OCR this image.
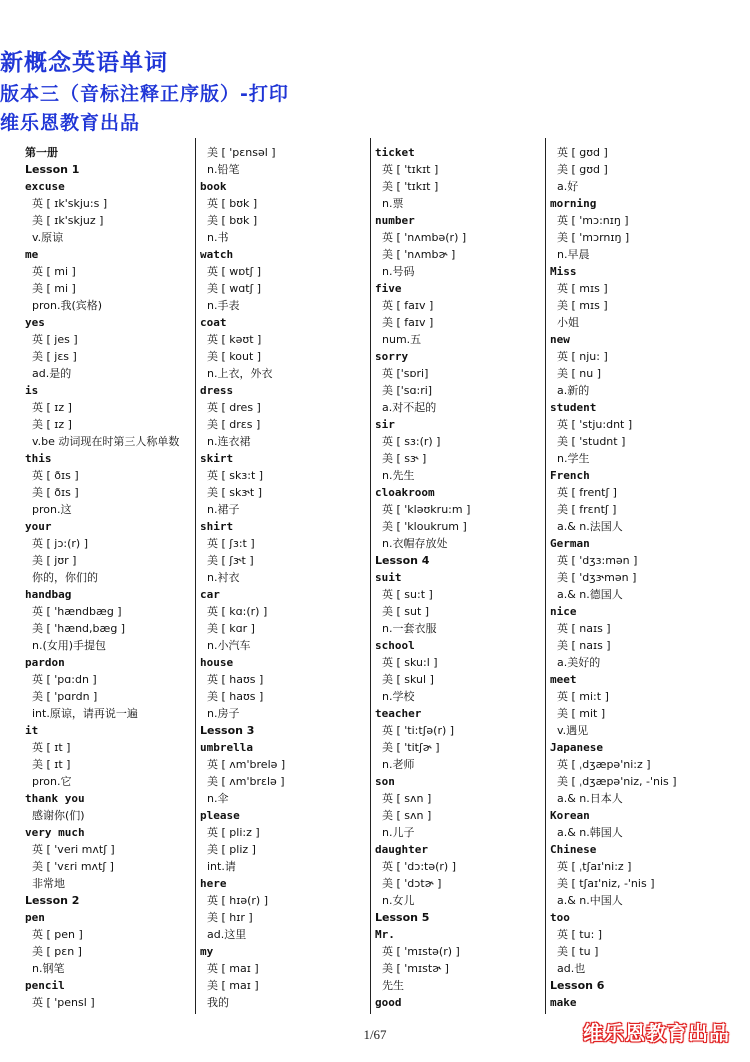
新概念英语单词
版本三（音标注释正序版）-打印
维乐恩教育出品
第一册
Lesson 1
excuse
英 [ ɪk'skju:s ]
美 [ ɪk'skjuz ]
v.原谅
me
英 [ mi ]
美 [ mi ]
pron.我(宾格)
yes
英 [ jes ]
美 [ jɛs ]
ad.是的
is
英 [ ɪz ]
美 [ ɪz ]
v.be 动词现在时第三人称单数
this
英 [ ðɪs ]
美 [ ðɪs ]
pron.这
your
英 [ jɔ:(r) ]
美 [ jʊr ]
你的，你们的
handbag
英 [ 'hændbæg ]
美 [ 'hænd,bæg ]
n.(女用)手提包
pardon
英 [ 'pɑ:dn ]
美 [ 'pɑrdn ]
int.原谅，请再说一遍
it
英 [ ɪt ]
美 [ ɪt ]
pron.它
thank you
感谢你(们)
very much
英 [ 'veri mʌtʃ ]
美 [ 'vɛri mʌtʃ ]
非常地
Lesson 2
pen
英 [ pen ]
美 [ pɛn ]
n.钢笔
pencil
英 [ 'pensl ]
美 [ 'pɛnsəl ]
n.铅笔
book
英 [ bʊk ]
美 [ bʊk ]
n.书
watch
英 [ wɒtʃ ]
美 [ wɑtʃ ]
n.手表
coat
英 [ kəʊt ]
美 [ kout ]
n.上衣，外衣
dress
英 [ dres ]
美 [ drɛs ]
n.连衣裙
skirt
英 [ skɜ:t ]
美 [ skɝt ]
n.裙子
shirt
英 [ ʃɜ:t ]
美 [ ʃɝt ]
n.衬衣
car
英 [ kɑ:(r) ]
美 [ kɑr ]
n.小汽车
house
英 [ haʊs ]
美 [ haʊs ]
n.房子
Lesson 3
umbrella
英 [ ʌm'brelə ]
美 [ ʌm'brɛlə ]
n.伞
please
英 [ pli:z ]
美 [ pliz ]
int.请
here
英 [ hɪə(r) ]
美 [ hɪr ]
ad.这里
my
英 [ maɪ ]
美 [ maɪ ]
我的
ticket
英 [ 'tɪkɪt ]
美 [ 'tɪkɪt ]
n.票
number
英 [ 'nʌmbə(r) ]
美 [ 'nʌmbɚ ]
n.号码
five
英 [ faɪv ]
美 [ faɪv ]
num.五
sorry
英 ['sɒri]
美 ['sɑ:ri]
a.对不起的
sir
英 [ sɜ:(r) ]
美 [ sɝ ]
n.先生
cloakroom
英 [ 'kləʊkru:m ]
美 [ 'kloukrum ]
n.衣帽存放处
Lesson 4
suit
英 [ su:t ]
美 [ sut ]
n.一套衣服
school
英 [ sku:l ]
美 [ skul ]
n.学校
teacher
英 [ 'ti:tʃə(r) ]
美 [ 'titʃɚ ]
n.老师
son
英 [ sʌn ]
美 [ sʌn ]
n.儿子
daughter
英 [ 'dɔ:tə(r) ]
美 [ 'dɔtɚ ]
n.女儿
Lesson 5
Mr.
英 [ 'mɪstə(r) ]
美 [ 'mɪstɚ ]
先生
good
英 [ gʊd ]
美 [ gʊd ]
a.好
morning
英 [ 'mɔ:nɪŋ ]
美 [ 'mɔrnɪŋ ]
n.早晨
Miss
英 [ mɪs ]
美 [ mɪs ]
小姐
new
英 [ nju: ]
美 [ nu ]
a.新的
student
英 [ 'stju:dnt ]
美 [ 'studnt ]
n.学生
French
英 [ frentʃ ]
美 [ frɛntʃ ]
a.& n.法国人
German
英 [ 'dʒɜ:mən ]
美 [ 'dʒɝmən ]
a.& n.德国人
nice
英 [ naɪs ]
美 [ naɪs ]
a.美好的
meet
英 [ mi:t ]
美 [ mit ]
v.遇见
Japanese
英 [ ˌdʒæpə'ni:z ]
美 [ ˌdʒæpə'niz, -'nis ]
a.& n.日本人
Korean
a.& n.韩国人
Chinese
英 [ ˌtʃaɪ'ni:z ]
美 [ tʃaɪ'niz, -'nis ]
a.& n.中国人
too
英 [ tu: ]
美 [ tu ]
ad.也
Lesson 6
make
1/67	维乐恩教育出品
